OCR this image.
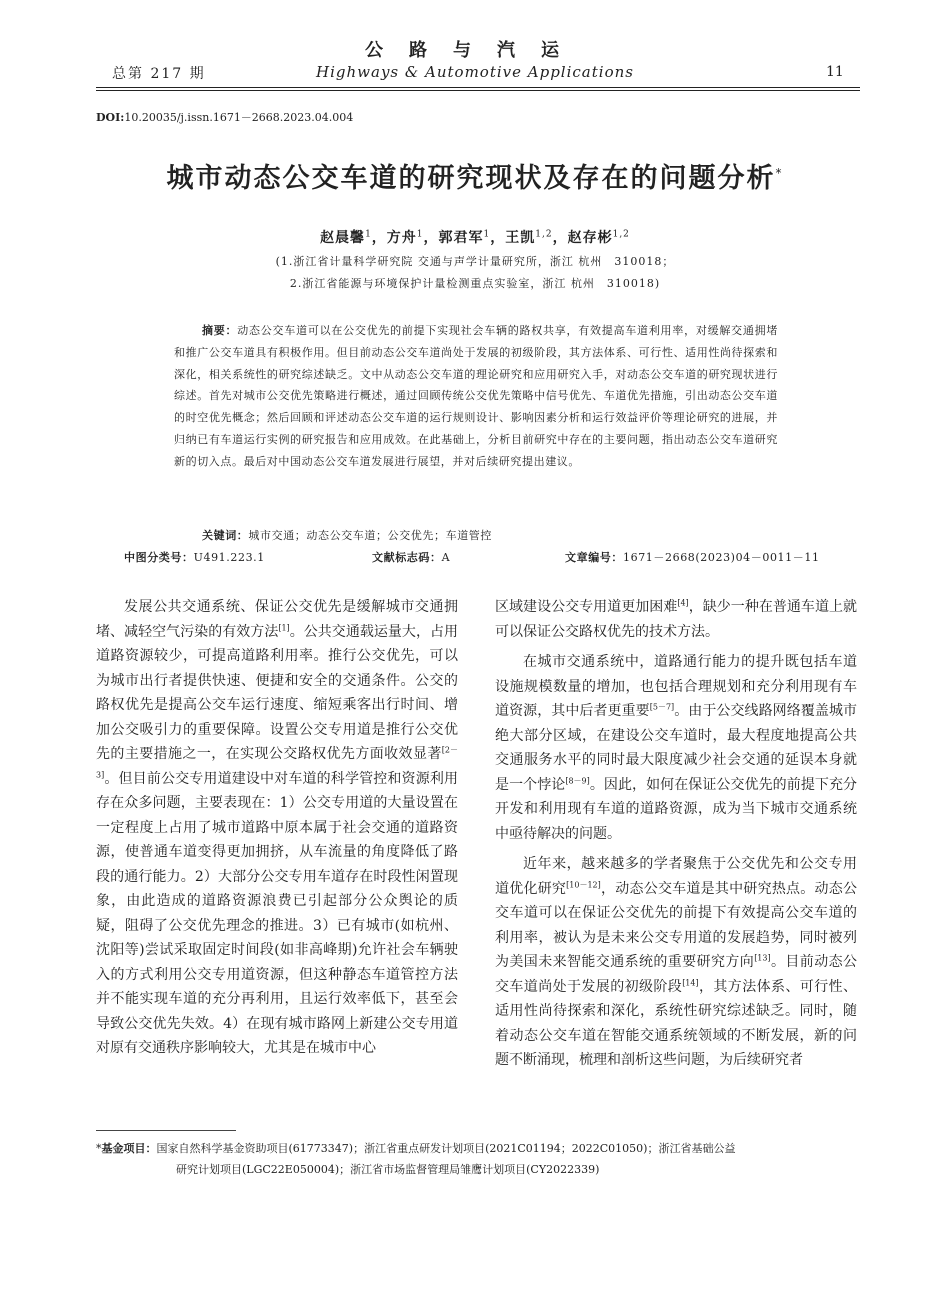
总第 217 期
公路与汽运
Highways & Automotive Applications	11
DOI:10.20035/j.issn.1671－2668.2023.04.004
城市动态公交车道的研究现状及存在的问题分析*
赵晨馨$^1$，方舟$^1$，郭君军$^1$，王凯$^{1,2}$，赵存彬$^{1,2}$
(1.浙江省计量科学研究院 交通与声学计量研究所，浙江 杭州　310018；
2.浙江省能源与环境保护计量检测重点实验室，浙江 杭州　310018)
摘要：动态公交车道可以在公交优先的前提下实现社会车辆的路权共享，有效提高车道利用率，对缓解交通拥堵和推广公交车道具有积极作用。但目前动态公交车道尚处于发展的初级阶段，其方法体系、可行性、适用性尚待探索和深化，相关系统性的研究综述缺乏。文中从动态公交车道的理论研究和应用研究入手，对动态公交车道的研究现状进行综述。首先对城市公交优先策略进行概述，通过回顾传统公交优先策略中信号优先、车道优先措施，引出动态公交车道的时空优先概念；然后回顾和评述动态公交车道的运行规则设计、影响因素分析和运行效益评价等理论研究的进展，并归纳已有车道运行实例的研究报告和应用成效。在此基础上，分析目前研究中存在的主要问题，指出动态公交车道研究新的切入点。最后对中国动态公交车道发展进行展望，并对后续研究提出建议。
关键词：城市交通；动态公交车道；公交优先；车道管控
中图分类号：U491.223.1	文献标志码：A	文章编号：1671－2668(2023)04－0011－11

发展公共交通系统、保证公交优先是缓解城市交通拥堵、减轻空气污染的有效方法[1]。公共交通载运量大，占用道路资源较少，可提高道路利用率。推行公交优先，可以为城市出行者提供快速、便捷和安全的交通条件。公交的路权优先是提高公交车运行速度、缩短乘客出行时间、增加公交吸引力的重要保障。设置公交专用道是推行公交优先的主要措施之一，在实现公交路权优先方面收效显著[2－3]。但目前公交专用道建设中对车道的科学管控和资源利用存在众多问题，主要表现在：1）公交专用道的大量设置在一定程度上占用了城市道路中原本属于社会交通的道路资源，使普通车道变得更加拥挤，从车流量的角度降低了路段的通行能力。2）大部分公交专用车道存在时段性闲置现象，由此造成的道路资源浪费已引起部分公众舆论的质疑，阻碍了公交优先理念的推进。3）已有城市(如杭州、沈阳等)尝试采取固定时间段(如非高峰期)允许社会车辆驶入的方式利用公交专用道资源，但这种静态车道管控方法并不能实现车道的充分再利用，且运行效率低下，甚至会导致公交优先失效。4）在现有城市路网上新建公交专用道对原有交通秩序影响较大，尤其是在城市中心

区域建设公交专用道更加困难[4]，缺少一种在普通车道上就可以保证公交路权优先的技术方法。

在城市交通系统中，道路通行能力的提升既包括车道设施规模数量的增加，也包括合理规划和充分利用现有车道资源，其中后者更重要[5－7]。由于公交线路网络覆盖城市绝大部分区域，在建设公交车道时，最大程度地提高公共交通服务水平的同时最大限度减少社会交通的延误本身就是一个悖论[8－9]。因此，如何在保证公交优先的前提下充分开发和利用现有车道的道路资源，成为当下城市交通系统中亟待解决的问题。

近年来，越来越多的学者聚焦于公交优先和公交专用道优化研究[10－12]，动态公交车道是其中研究热点。动态公交车道可以在保证公交优先的前提下有效提高公交车道的利用率，被认为是未来公交专用道的发展趋势，同时被列为美国未来智能交通系统的重要研究方向[13]。目前动态公交车道尚处于发展的初级阶段[14]，其方法体系、可行性、适用性尚待探索和深化，系统性研究综述缺乏。同时，随着动态公交车道在智能交通系统领域的不断发展，新的问题不断涌现，梳理和剖析这些问题，为后续研究者

*基金项目：国家自然科学基金资助项目(61773347)；浙江省重点研发计划项目(2021C01194；2022C01050)；浙江省基础公益
研究计划项目(LGC22E050004)；浙江省市场监督管理局雏鹰计划项目(CY2022339)
